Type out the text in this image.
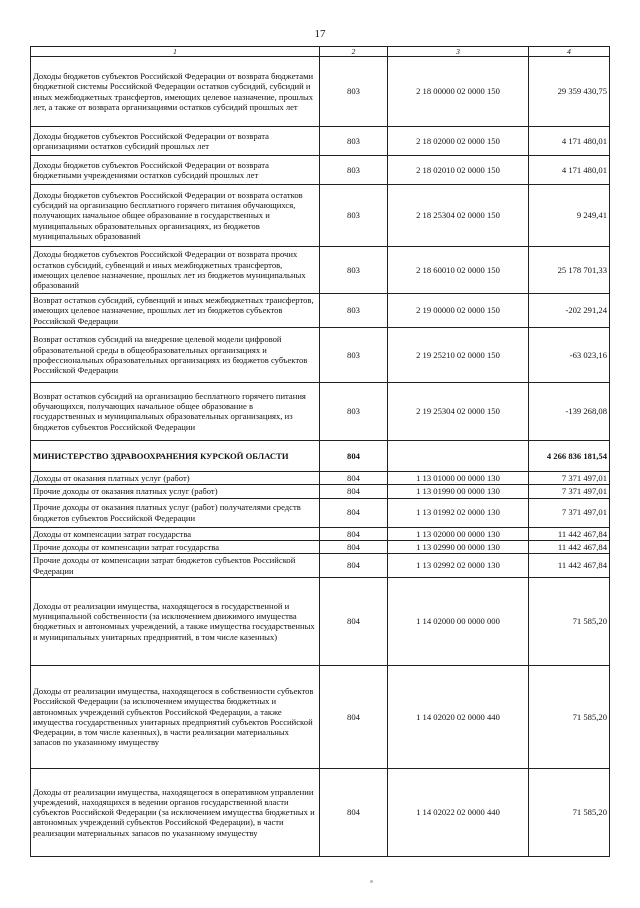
17
1	2	3	4
Доходы бюджетов субъектов Российской Федерации от возврата бюджетами бюджетной системы Российской Федерации остатков субсидий, субсидий и иных межбюджетных трансфертов, имеющих целевое назначение, прошлых лет, а также от возврата организациями остатков субсидий прошлых лет	803	2 18 00000 02 0000 150	29 359 430,75
Доходы бюджетов субъектов Российской Федерации от возврата организациями остатков субсидий прошлых лет	803	2 18 02000 02 0000 150	4 171 480,01
Доходы бюджетов субъектов Российской Федерации от возврата бюджетными учреждениями остатков субсидий прошлых лет	803	2 18 02010 02 0000 150	4 171 480,01
Доходы бюджетов субъектов Российской Федерации от возврата остатков субсидий на организацию бесплатного горячего питания обучающихся, получающих начальное общее образование в государственных и муниципальных образовательных организациях, из бюджетов муниципальных образований	803	2 18 25304 02 0000 150	9 249,41
Доходы бюджетов субъектов Российской Федерации от возврата прочих остатков субсидий, субвенций и иных межбюджетных трансфертов, имеющих целевое назначение, прошлых лет из бюджетов муниципальных образований	803	2 18 60010 02 0000 150	25 178 701,33
Возврат остатков субсидий, субвенций и иных межбюджетных трансфертов, имеющих целевое назначение, прошлых лет из бюджетов субъектов Российской Федерации	803	2 19 00000 02 0000 150	-202 291,24
Возврат остатков субсидий на внедрение целевой модели цифровой образовательной среды в общеобразовательных организациях и профессиональных образовательных организациях из бюджетов субъектов Российской Федерации	803	2 19 25210 02 0000 150	-63 023,16
Возврат остатков субсидий на организацию бесплатного горячего питания обучающихся, получающих начальное общее образование в государственных и муниципальных образовательных организациях, из бюджетов субъектов Российской Федерации	803	2 19 25304 02 0000 150	-139 268,08
МИНИСТЕРСТВО ЗДРАВООХРАНЕНИЯ КУРСКОЙ ОБЛАСТИ	804		4 266 836 181,54
Доходы от оказания платных услуг (работ)	804	1 13 01000 00 0000 130	7 371 497,01
Прочие доходы от оказания платных услуг (работ)	804	1 13 01990 00 0000 130	7 371 497,01
Прочие доходы от оказания платных услуг (работ) получателями средств бюджетов субъектов Российской Федерации	804	1 13 01992 02 0000 130	7 371 497,01
Доходы от компенсации затрат государства	804	1 13 02000 00 0000 130	11 442 467,84
Прочие доходы от компенсации затрат государства	804	1 13 02990 00 0000 130	11 442 467,84
Прочие доходы от компенсации затрат бюджетов субъектов Российской Федерации	804	1 13 02992 02 0000 130	11 442 467,84
Доходы от реализации имущества, находящегося в государственной и муниципальной собственности (за исключением движимого имущества бюджетных и автономных учреждений, а также имущества государственных и муниципальных унитарных предприятий, в том числе казенных)	804	1 14 02000 00 0000 000	71 585,20
Доходы от реализации имущества, находящегося в собственности субъектов Российской Федерации (за исключением имущества бюджетных и автономных учреждений субъектов Российской Федерации, а также имущества государственных унитарных предприятий субъектов Российской Федерации, в том числе казенных), в части реализации материальных запасов по указанному имуществу	804	1 14 02020 02 0000 440	71 585,20
Доходы от реализации имущества, находящегося в оперативном управлении учреждений, находящихся в ведении органов государственной власти субъектов Российской Федерации (за исключением имущества бюджетных и автономных учреждений субъектов Российской Федерации), в части реализации материальных запасов по указанному имуществу	804	1 14 02022 02 0000 440	71 585,20
